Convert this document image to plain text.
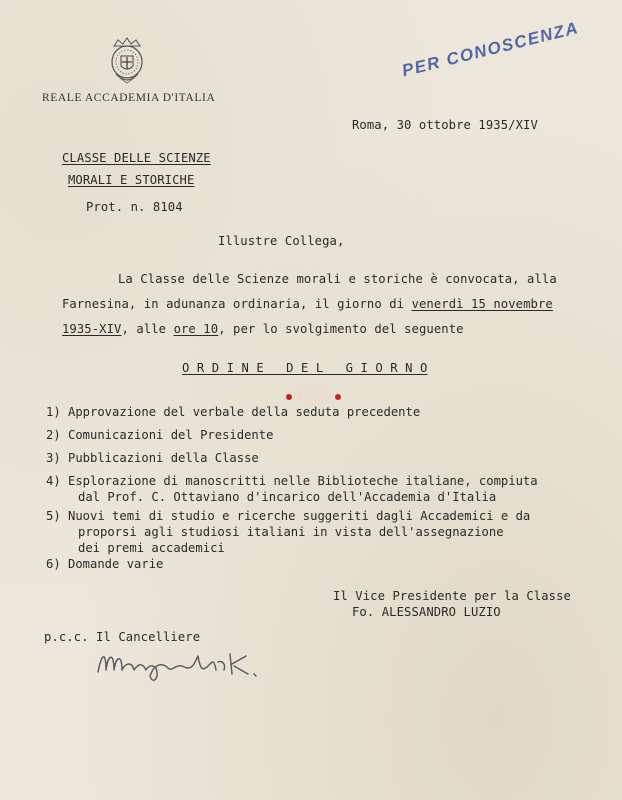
REALE ACCADEMIA D'ITALIA
PER CONOSCENZA
Roma, 30 ottobre 1935/XIV
CLASSE DELLE SCIENZE
MORALI E STORICHE
Prot. n. 8104
Illustre Collega,
La Classe delle Scienze morali e storiche è convocata, alla
Farnesina, in adunanza ordinaria, il giorno di venerdì 15 novembre
1935-XIV, alle ore 10, per lo svolgimento del seguente
O R D I N E   D E L   G I O R N O
ISP
1) Approvazione del verbale della seduta precedente
2) Comunicazioni del Presidente
3) Pubblicazioni della Classe
4) Esplorazione di manoscritti nelle Biblioteche italiane, compiuta
dal Prof. C. Ottaviano d'incarico dell'Accademia d'Italia
5) Nuovi temi di studio e ricerche suggeriti dagli Accademici e da
proporsi agli studiosi italiani in vista dell'assegnazione
dei premi accademici
6) Domande varie
Il Vice Presidente per la Classe
Fo. ALESSANDRO LUZIO
p.c.c. Il Cancelliere
